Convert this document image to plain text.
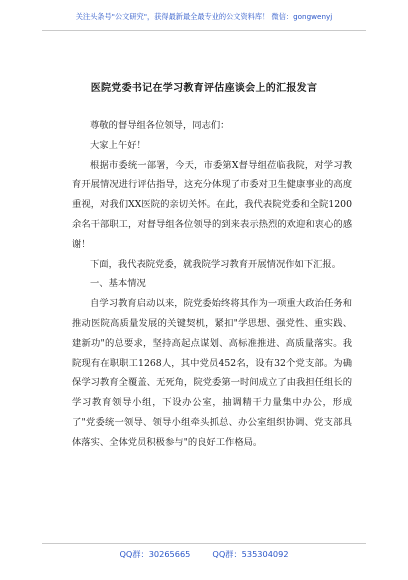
关注头条号"公文研究"，获得最新最全最专业的公文资料库！ 微信：gongwenyj
医院党委书记在学习教育评估座谈会上的汇报发言

尊敬的督导组各位领导，同志们：

大家上午好！

根据市委统一部署，今天，市委第X督导组莅临我院，对学习教育开展情况进行评估指导，这充分体现了市委对卫生健康事业的高度重视，对我们XX医院的亲切关怀。在此，我代表院党委和全院1200余名干部职工，对督导组各位领导的到来表示热烈的欢迎和衷心的感谢！

下面，我代表院党委，就我院学习教育开展情况作如下汇报。

一、基本情况

自学习教育启动以来，院党委始终将其作为一项重大政治任务和推动医院高质量发展的关键契机，紧扣"学思想、强党性、重实践、建新功"的总要求，坚持高起点谋划、高标准推进、高质量落实。我院现有在职职工1268人，其中党员452名，设有32个党支部。为确保学习教育全覆盖、无死角，院党委第一时间成立了由我担任组长的学习教育领导小组，下设办公室，抽调精干力量集中办公，形成了"党委统一领导、领导小组牵头抓总、办公室组织协调、党支部具体落实、全体党员积极参与"的良好工作格局。

QQ群：30265665	QQ群：535304092
